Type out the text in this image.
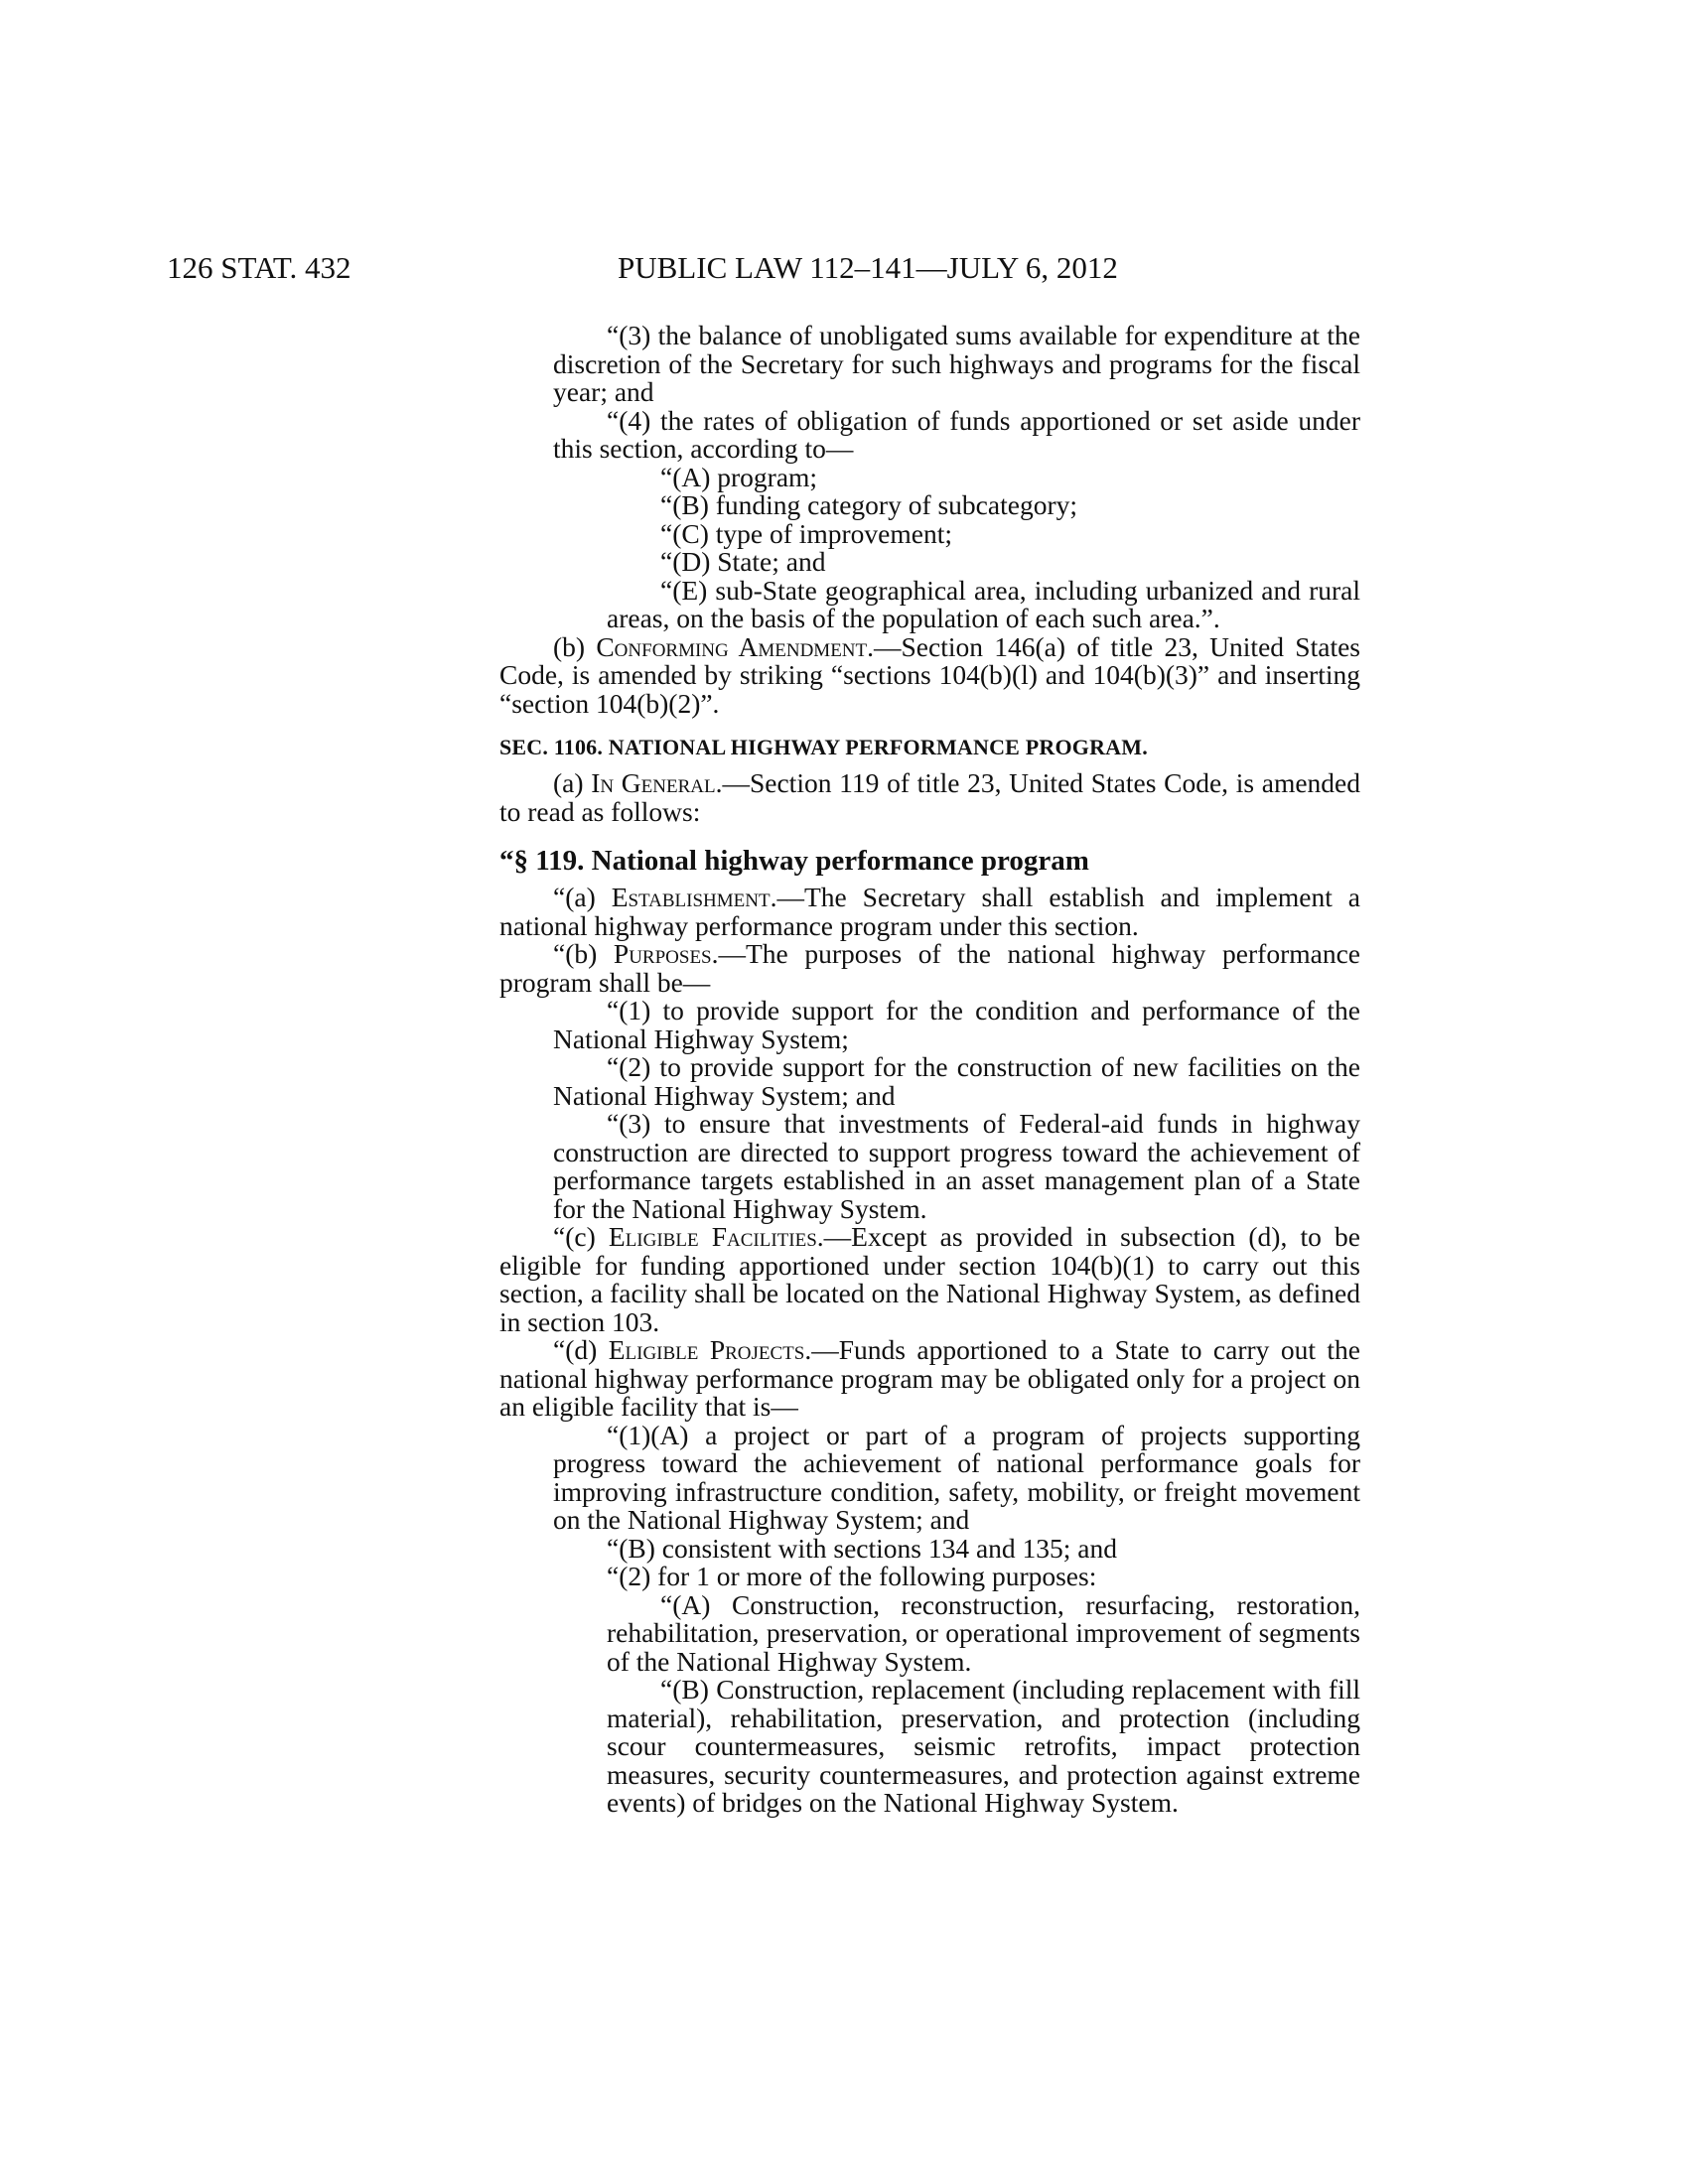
126 STAT. 432	PUBLIC LAW 112–141—JULY 6, 2012

“(3) the balance of unobligated sums available for expenditure at the discretion of the Secretary for such highways and programs for the fiscal year; and

“(4) the rates of obligation of funds apportioned or set aside under this section, according to—

“(A) program;

“(B) funding category of subcategory;

“(C) type of improvement;

“(D) State; and

“(E) sub-State geographical area, including urbanized and rural areas, on the basis of the population of each such area.”.

(b) Conforming Amendment.—Section 146(a) of title 23, United States Code, is amended by striking “sections 104(b)(l) and 104(b)(3)” and inserting “section 104(b)(2)”.

SEC. 1106. NATIONAL HIGHWAY PERFORMANCE PROGRAM.

(a) In General.—Section 119 of title 23, United States Code, is amended to read as follows:

“§ 119. National highway performance program

“(a) Establishment.—The Secretary shall establish and implement a national highway performance program under this section.

“(b) Purposes.—The purposes of the national highway performance program shall be—

“(1) to provide support for the condition and performance of the National Highway System;

“(2) to provide support for the construction of new facilities on the National Highway System; and

“(3) to ensure that investments of Federal-aid funds in highway construction are directed to support progress toward the achievement of performance targets established in an asset management plan of a State for the National Highway System.

“(c) Eligible Facilities.—Except as provided in subsection (d), to be eligible for funding apportioned under section 104(b)(1) to carry out this section, a facility shall be located on the National Highway System, as defined in section 103.

“(d) Eligible Projects.—Funds apportioned to a State to carry out the national highway performance program may be obligated only for a project on an eligible facility that is—

“(1)(A) a project or part of a program of projects supporting progress toward the achievement of national performance goals for improving infrastructure condition, safety, mobility, or freight movement on the National Highway System; and

“(B) consistent with sections 134 and 135; and

“(2) for 1 or more of the following purposes:

“(A) Construction, reconstruction, resurfacing, restoration, rehabilitation, preservation, or operational improvement of segments of the National Highway System.

“(B) Construction, replacement (including replacement with fill material), rehabilitation, preservation, and protection (including scour countermeasures, seismic retrofits, impact protection measures, security countermeasures, and protection against extreme events) of bridges on the National Highway System.
